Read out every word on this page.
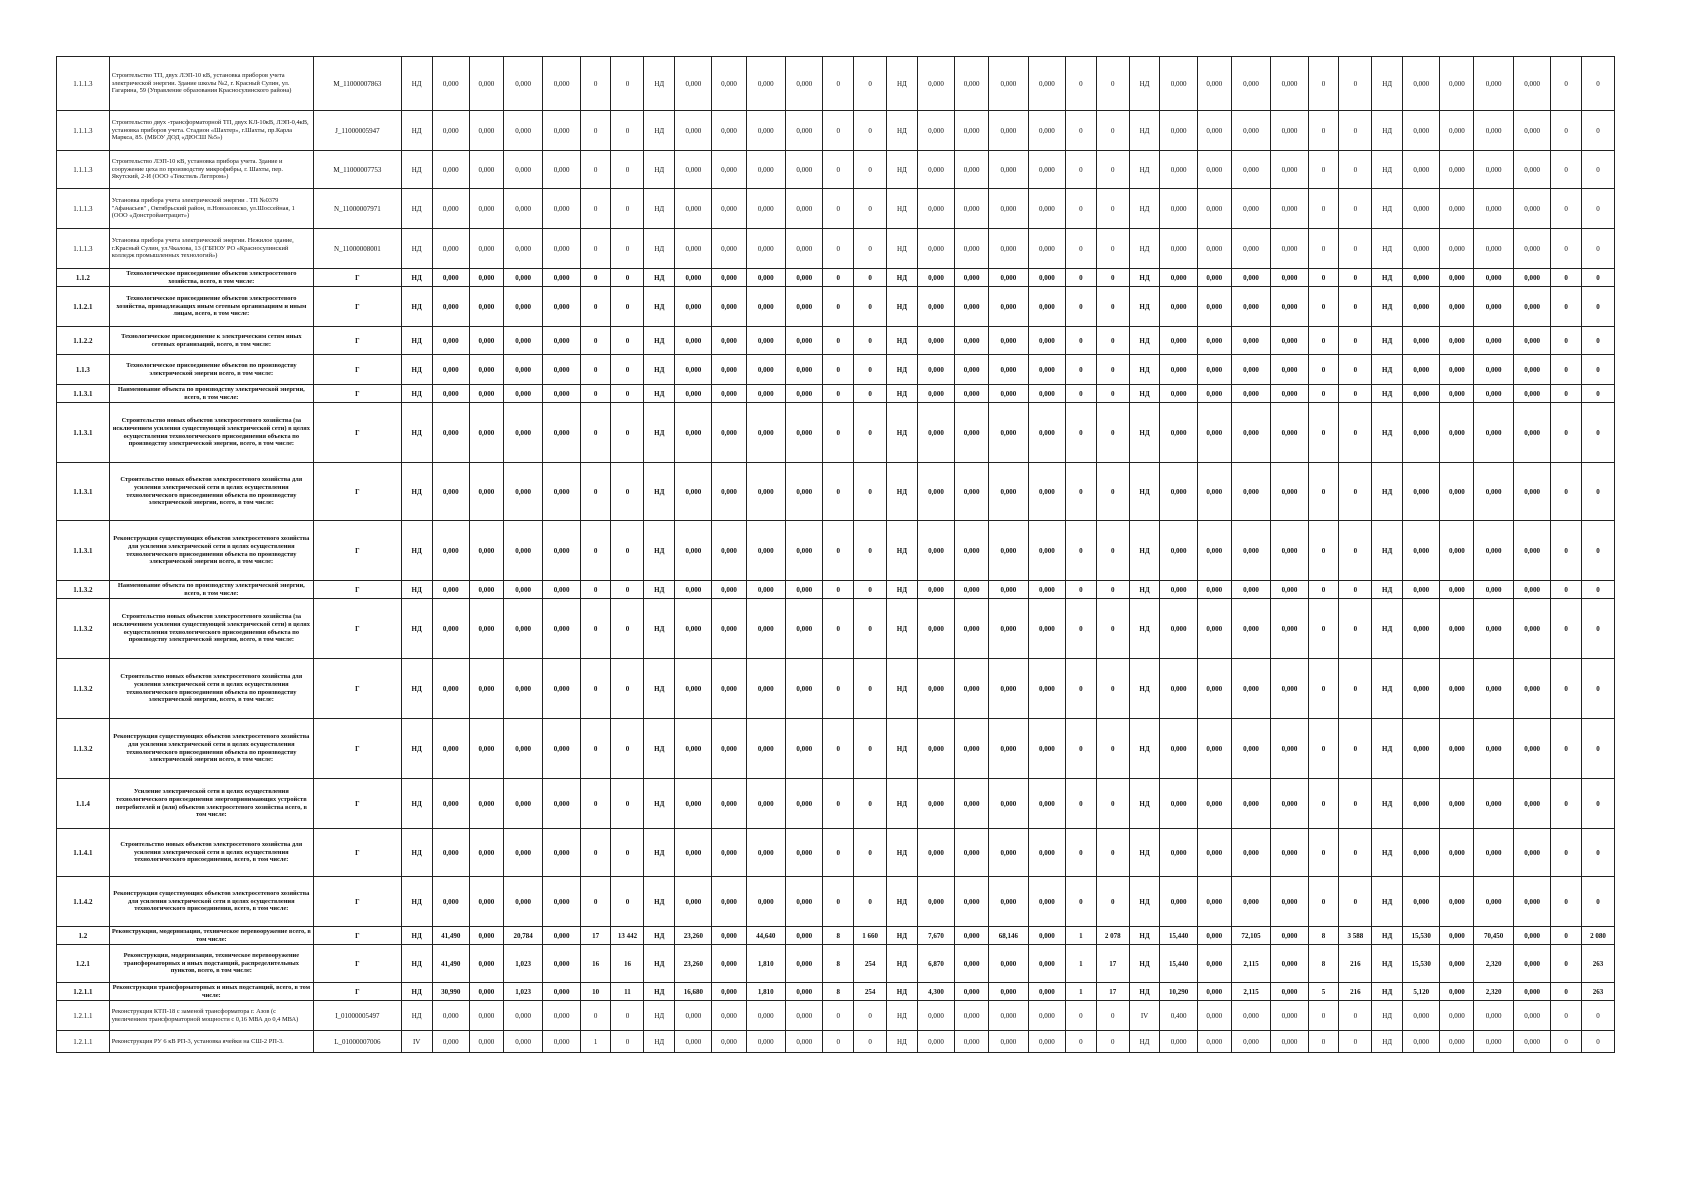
1.1.1.3	Строительство ТП, двух ЛЭП-10 кВ, установка приборов учета электрической энергии. Здание школы №2, г. Красный Сулин, ул. Гагарина, 59 (Управление образования Красносулинского района)	M_11000007863	НД	0,000	0,000	0,000	0,000	0	0	НД	0,000	0,000	0,000	0,000	0	0	НД	0,000	0,000	0,000	0,000	0	0	НД	0,000	0,000	0,000	0,000	0	0	НД	0,000	0,000	0,000	0,000	0	0
1.1.1.3	Строительство двух -трансформаторной ТП, двух КЛ-10кВ, ЛЭП-0,4кВ, установка приборов учета. Стадион «Шахтер», г.Шахты, пр.Карла Маркса, 85. (МБОУ ДОД «ДЮСШ №5»)	J_11000005947	НД	0,000	0,000	0,000	0,000	0	0	НД	0,000	0,000	0,000	0,000	0	0	НД	0,000	0,000	0,000	0,000	0	0	НД	0,000	0,000	0,000	0,000	0	0	НД	0,000	0,000	0,000	0,000	0	0
1.1.1.3	Строительство ЛЭП-10 кВ, установка прибора учета. Здание и сооружение цеха по производству микрофибры, г. Шахты, пер. Якутский, 2-И (ООО «Текстиль Легпром»)	M_11000007753	НД	0,000	0,000	0,000	0,000	0	0	НД	0,000	0,000	0,000	0,000	0	0	НД	0,000	0,000	0,000	0,000	0	0	НД	0,000	0,000	0,000	0,000	0	0	НД	0,000	0,000	0,000	0,000	0	0
1.1.1.3	Установка прибора учета электрической энергии . ТП №0379 "Афанасьев" , Октябрьский район, п.Новоазовско, ул.Шоссейная, 1 (ООО «Донстройантрацит»)	N_11000007971	НД	0,000	0,000	0,000	0,000	0	0	НД	0,000	0,000	0,000	0,000	0	0	НД	0,000	0,000	0,000	0,000	0	0	НД	0,000	0,000	0,000	0,000	0	0	НД	0,000	0,000	0,000	0,000	0	0
1.1.1.3	Установка прибора учета электрической энергии. Нежилое здание, г.Красный Сулин, ул.Чкалова, 13 (ГБПОУ РО «Красносулинский колледж промышленных технологий»)	N_11000008001	НД	0,000	0,000	0,000	0,000	0	0	НД	0,000	0,000	0,000	0,000	0	0	НД	0,000	0,000	0,000	0,000	0	0	НД	0,000	0,000	0,000	0,000	0	0	НД	0,000	0,000	0,000	0,000	0	0
1.1.2	Технологическое присоединение объектов электросетевого хозяйства, всего, в том числе:	Г	НД	0,000	0,000	0,000	0,000	0	0	НД	0,000	0,000	0,000	0,000	0	0	НД	0,000	0,000	0,000	0,000	0	0	НД	0,000	0,000	0,000	0,000	0	0	НД	0,000	0,000	0,000	0,000	0	0
1.1.2.1	Технологическое присоединение объектов электросетевого хозяйства, принадлежащих иным сетевым организациям и иным лицам, всего, в том числе:	Г	НД	0,000	0,000	0,000	0,000	0	0	НД	0,000	0,000	0,000	0,000	0	0	НД	0,000	0,000	0,000	0,000	0	0	НД	0,000	0,000	0,000	0,000	0	0	НД	0,000	0,000	0,000	0,000	0	0
1.1.2.2	Технологическое присоединение к электрическим сетям иных сетевых организаций, всего, в том числе:	Г	НД	0,000	0,000	0,000	0,000	0	0	НД	0,000	0,000	0,000	0,000	0	0	НД	0,000	0,000	0,000	0,000	0	0	НД	0,000	0,000	0,000	0,000	0	0	НД	0,000	0,000	0,000	0,000	0	0
1.1.3	Технологическое присоединение объектов по производству электрической энергии всего, в том числе:	Г	НД	0,000	0,000	0,000	0,000	0	0	НД	0,000	0,000	0,000	0,000	0	0	НД	0,000	0,000	0,000	0,000	0	0	НД	0,000	0,000	0,000	0,000	0	0	НД	0,000	0,000	0,000	0,000	0	0
1.1.3.1	Наименование объекта по производству электрической энергии, всего, в том числе:	Г	НД	0,000	0,000	0,000	0,000	0	0	НД	0,000	0,000	0,000	0,000	0	0	НД	0,000	0,000	0,000	0,000	0	0	НД	0,000	0,000	0,000	0,000	0	0	НД	0,000	0,000	0,000	0,000	0	0
1.1.3.1	Строительство новых объектов электросетевого хозяйства (за исключением усиления существующей электрической сети) в целях осуществления технологического присоединения объекта по производству электрической энергии, всего, в том числе:	Г	НД	0,000	0,000	0,000	0,000	0	0	НД	0,000	0,000	0,000	0,000	0	0	НД	0,000	0,000	0,000	0,000	0	0	НД	0,000	0,000	0,000	0,000	0	0	НД	0,000	0,000	0,000	0,000	0	0
1.1.3.1	Строительство новых объектов электросетевого хозяйства для усиления электрической сети в целях осуществления технологического присоединения объекта по производству электрической энергии, всего, в том числе:	Г	НД	0,000	0,000	0,000	0,000	0	0	НД	0,000	0,000	0,000	0,000	0	0	НД	0,000	0,000	0,000	0,000	0	0	НД	0,000	0,000	0,000	0,000	0	0	НД	0,000	0,000	0,000	0,000	0	0
1.1.3.1	Реконструкция существующих объектов электросетевого хозяйства для усиления электрической сети в целях осуществления технологического присоединения объекта по производству электрической энергии всего, в том числе:	Г	НД	0,000	0,000	0,000	0,000	0	0	НД	0,000	0,000	0,000	0,000	0	0	НД	0,000	0,000	0,000	0,000	0	0	НД	0,000	0,000	0,000	0,000	0	0	НД	0,000	0,000	0,000	0,000	0	0
1.1.3.2	Наименование объекта по производству электрической энергии, всего, в том числе:	Г	НД	0,000	0,000	0,000	0,000	0	0	НД	0,000	0,000	0,000	0,000	0	0	НД	0,000	0,000	0,000	0,000	0	0	НД	0,000	0,000	0,000	0,000	0	0	НД	0,000	0,000	0,000	0,000	0	0
1.1.3.2	Строительство новых объектов электросетевого хозяйства (за исключением усиления существующей электрической сети) в целях осуществления технологического присоединения объекта по производству электрической энергии, всего, в том числе:	Г	НД	0,000	0,000	0,000	0,000	0	0	НД	0,000	0,000	0,000	0,000	0	0	НД	0,000	0,000	0,000	0,000	0	0	НД	0,000	0,000	0,000	0,000	0	0	НД	0,000	0,000	0,000	0,000	0	0
1.1.3.2	Строительство новых объектов электросетевого хозяйства для усиления электрической сети в целях осуществления технологического присоединения объекта по производству электрической энергии, всего, в том числе:	Г	НД	0,000	0,000	0,000	0,000	0	0	НД	0,000	0,000	0,000	0,000	0	0	НД	0,000	0,000	0,000	0,000	0	0	НД	0,000	0,000	0,000	0,000	0	0	НД	0,000	0,000	0,000	0,000	0	0
1.1.3.2	Реконструкция существующих объектов электросетевого хозяйства для усиления электрической сети в целях осуществления технологического присоединения объекта по производству электрической энергии всего, в том числе:	Г	НД	0,000	0,000	0,000	0,000	0	0	НД	0,000	0,000	0,000	0,000	0	0	НД	0,000	0,000	0,000	0,000	0	0	НД	0,000	0,000	0,000	0,000	0	0	НД	0,000	0,000	0,000	0,000	0	0
1.1.4	Усиление электрической сети в целях осуществления технологического присоединения энергопринимающих устройств потребителей и (или) объектов электросетевого хозяйства всего, в том числе:	Г	НД	0,000	0,000	0,000	0,000	0	0	НД	0,000	0,000	0,000	0,000	0	0	НД	0,000	0,000	0,000	0,000	0	0	НД	0,000	0,000	0,000	0,000	0	0	НД	0,000	0,000	0,000	0,000	0	0
1.1.4.1	Строительство новых объектов электросетевого хозяйства для усиления электрической сети в целях осуществления технологического присоединения, всего, в том числе:	Г	НД	0,000	0,000	0,000	0,000	0	0	НД	0,000	0,000	0,000	0,000	0	0	НД	0,000	0,000	0,000	0,000	0	0	НД	0,000	0,000	0,000	0,000	0	0	НД	0,000	0,000	0,000	0,000	0	0
1.1.4.2	Реконструкция существующих объектов электросетевого хозяйства для усиления электрической сети в целях осуществления технологического присоединения, всего, в том числе:	Г	НД	0,000	0,000	0,000	0,000	0	0	НД	0,000	0,000	0,000	0,000	0	0	НД	0,000	0,000	0,000	0,000	0	0	НД	0,000	0,000	0,000	0,000	0	0	НД	0,000	0,000	0,000	0,000	0	0
1.2	Реконструкция, модернизация, техническое перевооружение всего, в том числе:	Г	НД	41,490	0,000	20,784	0,000	17	13 442	НД	23,260	0,000	44,640	0,000	8	1 660	НД	7,670	0,000	68,146	0,000	1	2 078	НД	15,440	0,000	72,105	0,000	8	3 588	НД	15,530	0,000	70,450	0,000	0	2 080
1.2.1	Реконструкция, модернизация, техническое перевооружение трансформаторных и иных подстанций, распределительных пунктов, всего, в том числе:	Г	НД	41,490	0,000	1,023	0,000	16	16	НД	23,260	0,000	1,810	0,000	8	254	НД	6,870	0,000	0,000	0,000	1	17	НД	15,440	0,000	2,115	0,000	8	216	НД	15,530	0,000	2,320	0,000	0	263
1.2.1.1	Реконструкция трансформаторных и иных подстанций, всего, в том числе:	Г	НД	30,990	0,000	1,023	0,000	10	11	НД	16,680	0,000	1,810	0,000	8	254	НД	4,300	0,000	0,000	0,000	1	17	НД	10,290	0,000	2,115	0,000	5	216	НД	5,120	0,000	2,320	0,000	0	263
1.2.1.1	Реконструкция КТП-18 с заменой трансформатора г. Азов (с увеличением трансформаторной мощности с 0,16 МВА до 0,4 МВА)	I_01000005497	НД	0,000	0,000	0,000	0,000	0	0	НД	0,000	0,000	0,000	0,000	0	0	НД	0,000	0,000	0,000	0,000	0	0	IV	0,400	0,000	0,000	0,000	0	0	НД	0,000	0,000	0,000	0,000	0	0
1.2.1.1	Реконструкция РУ 6 кВ РП-3, установка ячейки на СШ-2 РП-3.	L_01000007006	IV	0,000	0,000	0,000	0,000	1	0	НД	0,000	0,000	0,000	0,000	0	0	НД	0,000	0,000	0,000	0,000	0	0	НД	0,000	0,000	0,000	0,000	0	0	НД	0,000	0,000	0,000	0,000	0	0
